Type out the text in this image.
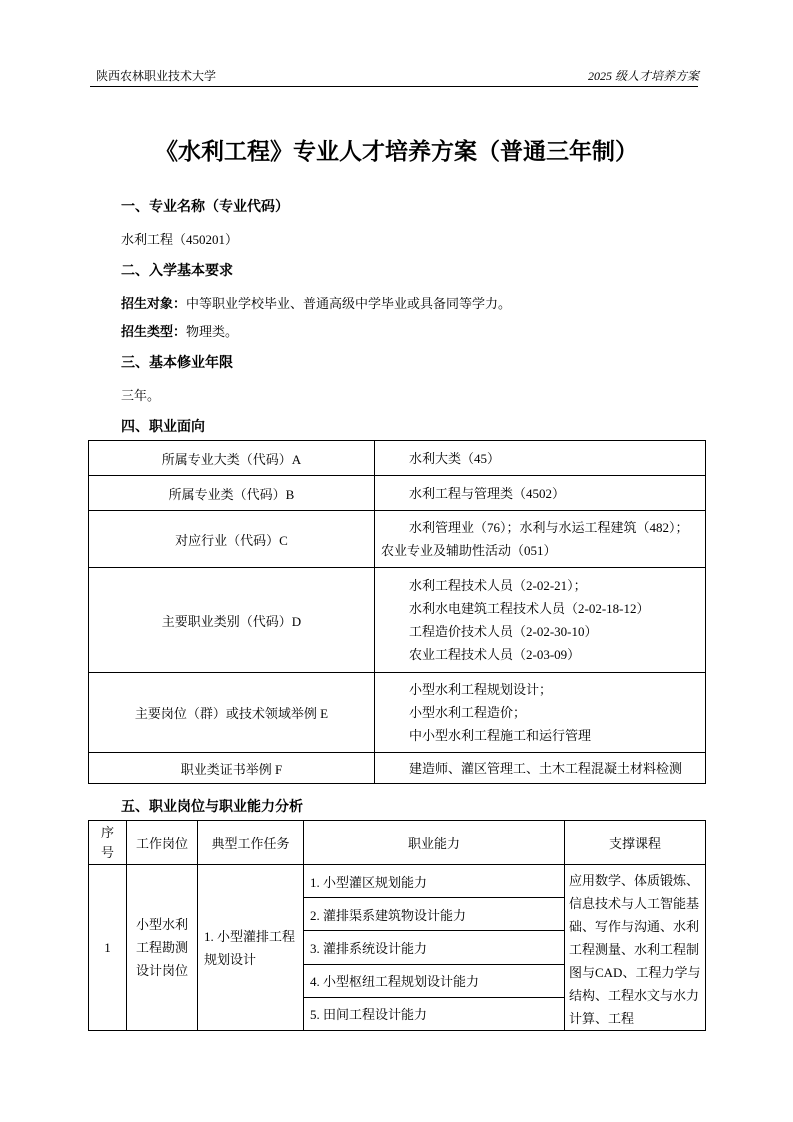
陕西农林职业技术大学	2025 级人才培养方案
《水利工程》专业人才培养方案（普通三年制）
一、专业名称（专业代码）
水利工程（450201）
二、入学基本要求
招生对象：中等职业学校毕业、普通高级中学毕业或具备同等学力。
招生类型：物理类。
三、基本修业年限
三年。
四、职业面向
所属专业大类（代码）A	水利大类（45）

所属专业类（代码）B	水利工程与管理类（4502）

对应行业（代码）C	水利管理业（76）；水利与水运工程建筑（482）；
农业专业及辅助性活动（051）

主要职业类别（代码）D	水利工程技术人员（2-02-21）；
水利水电建筑工程技术人员（2-02-18-12）
工程造价技术人员（2-02-30-10）
农业工程技术人员（2-03-09）

主要岗位（群）或技术领域举例 E	小型水利工程规划设计；
小型水利工程造价；
中小型水利工程施工和运行管理

职业类证书举例 F	建造师、灌区管理工、土木工程混凝土材料检测
五、职业岗位与职业能力分析
序号	工作岗位	典型工作任务	职业能力	支撑课程
1	小型水利工程勘测设计岗位	1. 小型灌排工程规划设计	1. 小型灌区规划能力	应用数学、体质锻炼、信息技术与人工智能基础、写作与沟通、水利工程测量、水利工程制图与CAD、工程力学与结构、工程水文与水力计算、工程
			2. 灌排渠系建筑物设计能力	
			3. 灌排系统设计能力	
			4. 小型枢纽工程规划设计能力	
			5. 田间工程设计能力	
